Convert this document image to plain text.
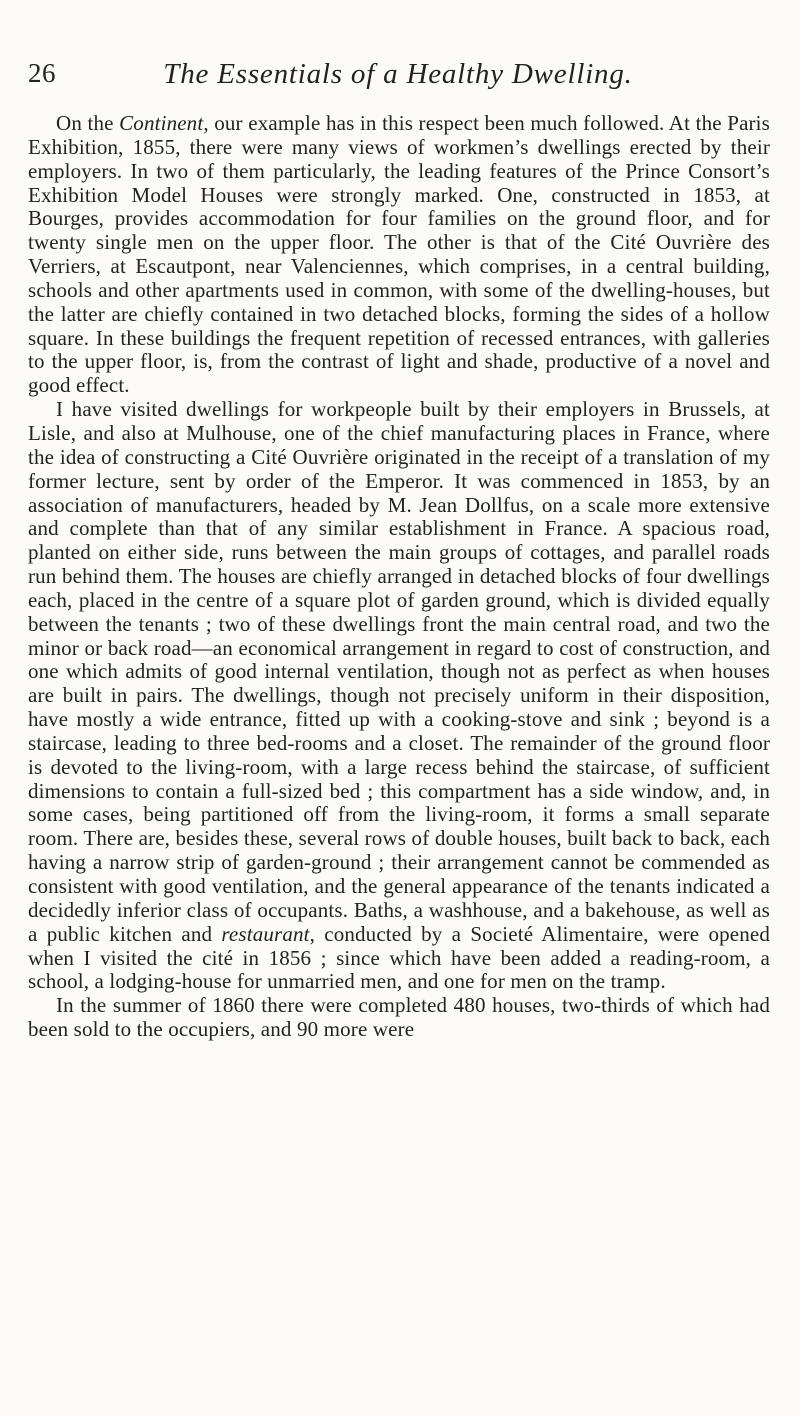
26	The Essentials of a Healthy Dwelling.

On the Continent, our example has in this respect been much followed. At the Paris Exhibition, 1855, there were many views of workmen’s dwellings erected by their employers. In two of them particularly, the leading features of the Prince Consort’s Exhibition Model Houses were strongly marked. One, constructed in 1853, at Bourges, provides accommodation for four families on the ground floor, and for twenty single men on the upper floor. The other is that of the Cité Ouvrière des Verriers, at Escautpont, near Valenciennes, which comprises, in a central building, schools and other apartments used in common, with some of the dwelling-houses, but the latter are chiefly contained in two detached blocks, forming the sides of a hollow square. In these buildings the frequent repetition of recessed entrances, with galleries to the upper floor, is, from the contrast of light and shade, productive of a novel and good effect.

I have visited dwellings for workpeople built by their employers in Brussels, at Lisle, and also at Mulhouse, one of the chief manufacturing places in France, where the idea of constructing a Cité Ouvrière originated in the receipt of a translation of my former lecture, sent by order of the Emperor. It was commenced in 1853, by an association of manufacturers, headed by M. Jean Dollfus, on a scale more extensive and complete than that of any similar establishment in France. A spacious road, planted on either side, runs between the main groups of cottages, and parallel roads run behind them. The houses are chiefly arranged in detached blocks of four dwellings each, placed in the centre of a square plot of garden ground, which is divided equally between the tenants ; two of these dwellings front the main central road, and two the minor or back road—an economical arrangement in regard to cost of construction, and one which admits of good internal ventilation, though not as perfect as when houses are built in pairs. The dwellings, though not precisely uniform in their disposition, have mostly a wide entrance, fitted up with a cooking-stove and sink ; beyond is a staircase, leading to three bed-rooms and a closet. The remainder of the ground floor is devoted to the living-room, with a large recess behind the staircase, of sufficient dimensions to contain a full-sized bed ; this compartment has a side window, and, in some cases, being partitioned off from the living-room, it forms a small separate room. There are, besides these, several rows of double houses, built back to back, each having a narrow strip of garden-ground ; their arrangement cannot be commended as consistent with good ventilation, and the general appearance of the tenants indicated a decidedly inferior class of occupants. Baths, a washhouse, and a bakehouse, as well as a public kitchen and restaurant, conducted by a Societé Alimentaire, were opened when I visited the cité in 1856 ; since which have been added a reading-room, a school, a lodging-house for unmarried men, and one for men on the tramp.

In the summer of 1860 there were completed 480 houses, two-thirds of which had been sold to the occupiers, and 90 more were
